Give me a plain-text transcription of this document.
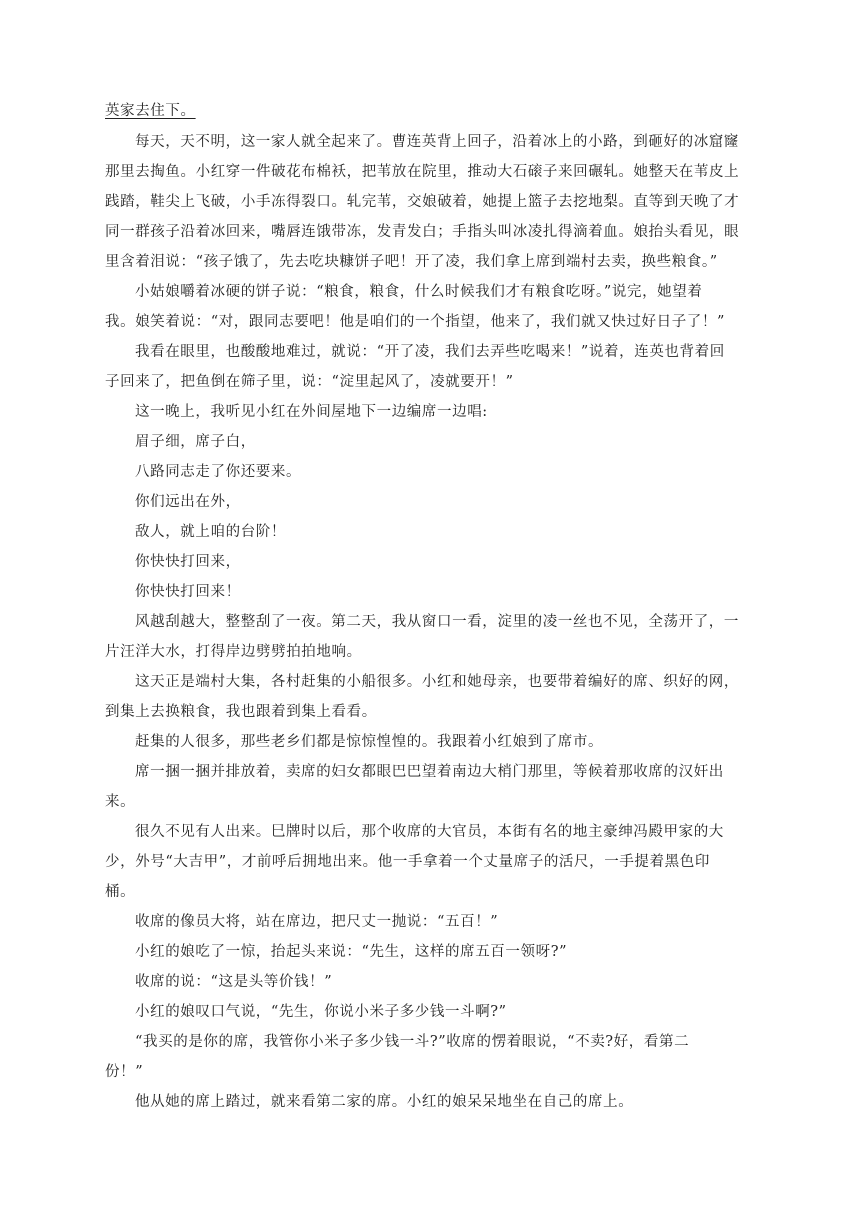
英家去住下。
每天，天不明，这一家人就全起来了。曹连英背上回子，沿着冰上的小路，到砸好的冰窟窿
那里去掏鱼。小红穿一件破花布棉袄，把苇放在院里，推动大石磙子来回碾轧。她整天在苇皮上
践踏，鞋尖上飞破，小手冻得裂口。轧完苇，交娘破着，她提上篮子去挖地梨。直等到天晚了才
同一群孩子沿着冰回来，嘴唇连饿带冻，发青发白；手指头叫冰凌扎得滴着血。娘抬头看见，眼
里含着泪说：“孩子饿了，先去吃块糠饼子吧！开了凌，我们拿上席到端村去卖，换些粮食。”
小姑娘嚼着冰硬的饼子说：“粮食，粮食，什么时候我们才有粮食吃呀。”说完，她望着
我。娘笑着说：“对，跟同志要吧！他是咱们的一个指望，他来了，我们就又快过好日子了！”
我看在眼里，也酸酸地难过，就说：“开了凌，我们去弄些吃喝来！”说着，连英也背着回
子回来了，把鱼倒在筛子里，说：“淀里起风了，凌就要开！”
这一晚上，我听见小红在外间屋地下一边编席一边唱:
眉子细，席子白，
八路同志走了你还要来。
你们远出在外，
敌人，就上咱的台阶！
你快快打回来，
你快快打回来！
风越刮越大，整整刮了一夜。第二天，我从窗口一看，淀里的凌一丝也不见，全荡开了，一
片汪洋大水，打得岸边劈劈拍拍地响。
这天正是端村大集，各村赶集的小船很多。小红和她母亲，也要带着编好的席、织好的网，
到集上去换粮食，我也跟着到集上看看。
赶集的人很多，那些老乡们都是惊惊惶惶的。我跟着小红娘到了席市。
席一捆一捆并排放着，卖席的妇女都眼巴巴望着南边大梢门那里，等候着那收席的汉奸出
来。
很久不见有人出来。巳牌时以后，那个收席的大官员，本街有名的地主豪绅冯殿甲家的大
少，外号“大吉甲”，才前呼后拥地出来。他一手拿着一个丈量席子的活尺，一手提着黑色印
桶。
收席的像员大将，站在席边，把尺丈一抛说：“五百！”
小红的娘吃了一惊，抬起头来说：“先生，这样的席五百一领呀?”
收席的说：“这是头等价钱！”
小红的娘叹口气说，“先生，你说小米子多少钱一斗啊?”
“我买的是你的席，我管你小米子多少钱一斗?”收席的愣着眼说，“不卖?好，看第二
份！”
他从她的席上踏过，就来看第二家的席。小红的娘呆呆地坐在自己的席上。
